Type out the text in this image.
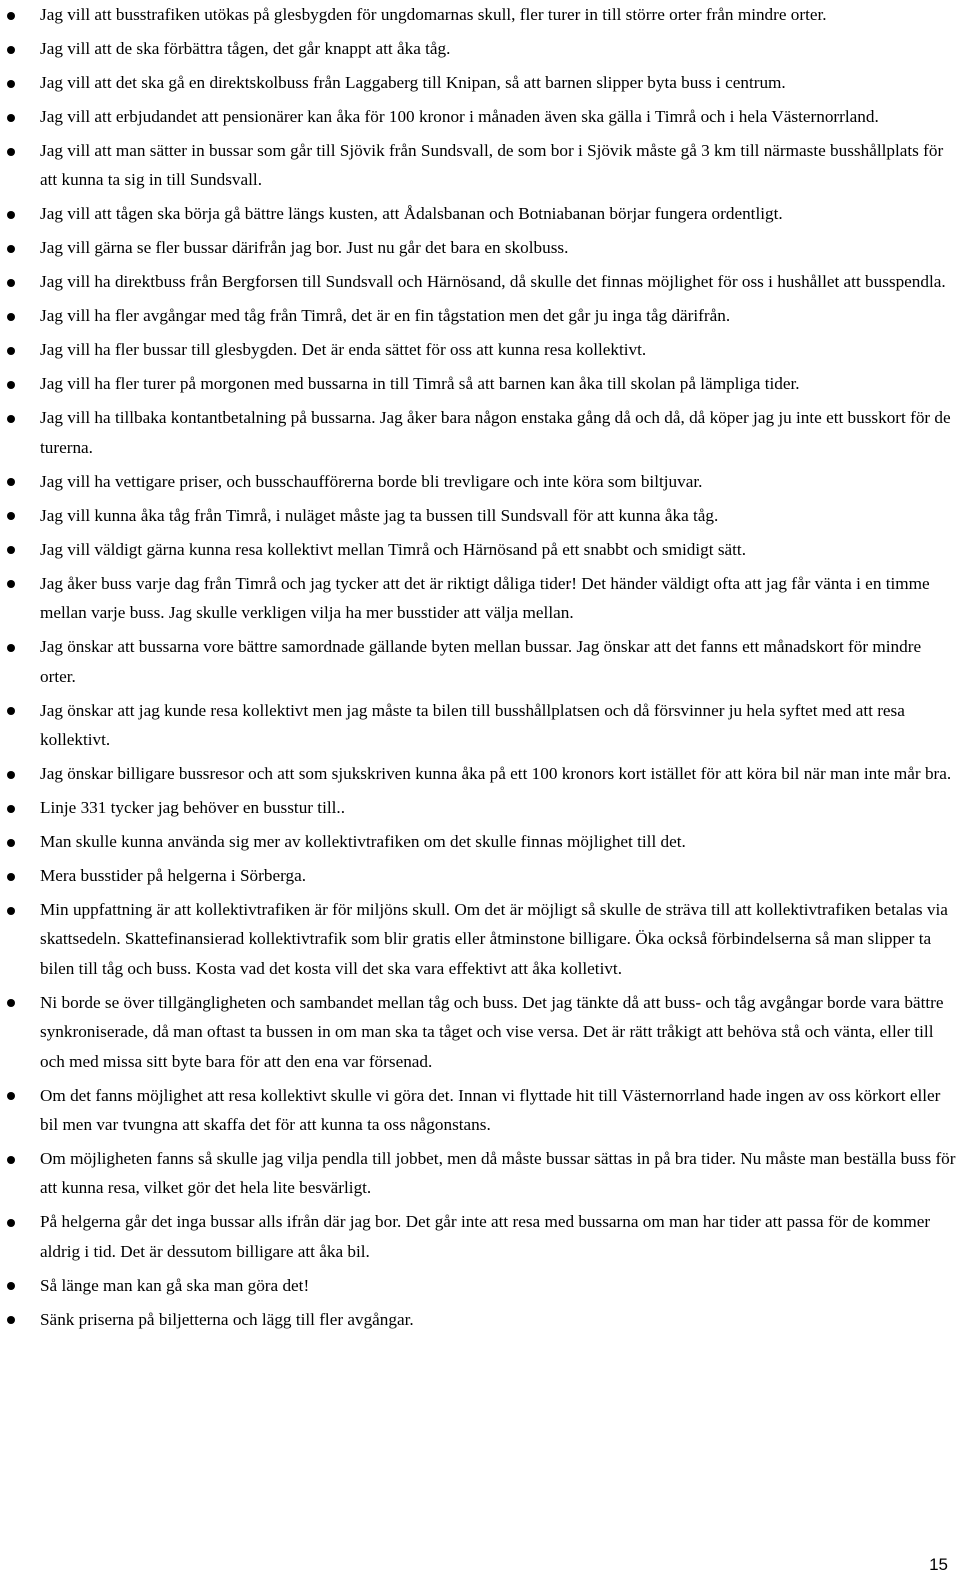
Jag vill att busstrafiken utökas på glesbygden för ungdomarnas skull, fler turer in till större orter från mindre orter.
Jag vill att de ska förbättra tågen, det går knappt att åka tåg.
Jag vill att det ska gå en direktskolbuss från Laggaberg till Knipan, så att barnen slipper byta buss i centrum.
Jag vill att erbjudandet att pensionärer kan åka för 100 kronor i månaden även ska gälla i Timrå och i hela Västernorrland.
Jag vill att man sätter in bussar som går till Sjövik från Sundsvall, de som bor i Sjövik måste gå 3 km till närmaste busshållplats för att kunna ta sig in till Sundsvall.
Jag vill att tågen ska börja gå bättre längs kusten, att Ådalsbanan och Botniabanan börjar fungera ordentligt.
Jag vill gärna se fler bussar därifrån jag bor. Just nu går det bara en skolbuss.
Jag vill ha direktbuss från Bergforsen till Sundsvall och Härnösand, då skulle det finnas möjlighet för oss i hushållet att busspendla.
Jag vill ha fler avgångar med tåg från Timrå, det är en fin tågstation men det går ju inga tåg därifrån.
Jag vill ha fler bussar till glesbygden. Det är enda sättet för oss att kunna resa kollektivt.
Jag vill ha fler turer på morgonen med bussarna in till Timrå så att barnen kan åka till skolan på lämpliga tider.
Jag vill ha tillbaka kontantbetalning på bussarna. Jag åker bara någon enstaka gång då och då, då köper jag ju inte ett busskort för de turerna.
Jag vill ha vettigare priser, och busschaufförerna borde bli trevligare och inte köra som biltjuvar.
Jag vill kunna åka tåg från Timrå, i nuläget måste jag ta bussen till Sundsvall för att kunna åka tåg.
Jag vill väldigt gärna kunna resa kollektivt mellan Timrå och Härnösand på ett snabbt och smidigt sätt.
Jag åker buss varje dag från Timrå och jag tycker att det är riktigt dåliga tider! Det händer väldigt ofta att jag får vänta i en timme mellan varje buss. Jag skulle verkligen vilja ha mer busstider att välja mellan.
Jag önskar att bussarna vore bättre samordnade gällande byten mellan bussar. Jag önskar att det fanns ett månadskort för mindre orter.
Jag önskar att jag kunde resa kollektivt men jag måste ta bilen till busshållplatsen och då försvinner ju hela syftet med att resa kollektivt.
Jag önskar billigare bussresor och att som sjukskriven kunna åka på ett 100 kronors kort istället för att köra bil när man inte mår bra.
Linje 331 tycker jag behöver en busstur till..
Man skulle kunna använda sig mer av kollektivtrafiken om det skulle finnas möjlighet till det.
Mera busstider på helgerna i Sörberga.
Min uppfattning är att kollektivtrafiken är för miljöns skull. Om det är möjligt så skulle de sträva till att kollektivtrafiken betalas via skattsedeln. Skattefinansierad kollektivtrafik som blir gratis eller åtminstone billigare. Öka också förbindelserna så man slipper ta bilen till tåg och buss. Kosta vad det kosta vill det ska vara effektivt att åka kolletivt.
Ni borde se över tillgängligheten och sambandet mellan tåg och buss. Det jag tänkte då att buss- och tåg avgångar borde vara bättre synkroniserade, då man oftast ta bussen in om man ska ta tåget och vise versa. Det är rätt tråkigt att behöva stå och vänta, eller till och med missa sitt byte bara för att den ena var försenad.
Om det fanns möjlighet att resa kollektivt skulle vi göra det. Innan vi flyttade hit till Västernorrland hade ingen av oss körkort eller bil men var tvungna att skaffa det för att kunna ta oss någonstans.
Om möjligheten fanns så skulle jag vilja pendla till jobbet, men då måste bussar sättas in på bra tider. Nu måste man beställa buss för att kunna resa, vilket gör det hela lite besvärligt.
På helgerna går det inga bussar alls ifrån där jag bor. Det går inte att resa med bussarna om man har tider att passa för de kommer aldrig i tid. Det är dessutom billigare att åka bil.
Så länge man kan gå ska man göra det!
Sänk priserna på biljetterna och lägg till fler avgångar.
15
